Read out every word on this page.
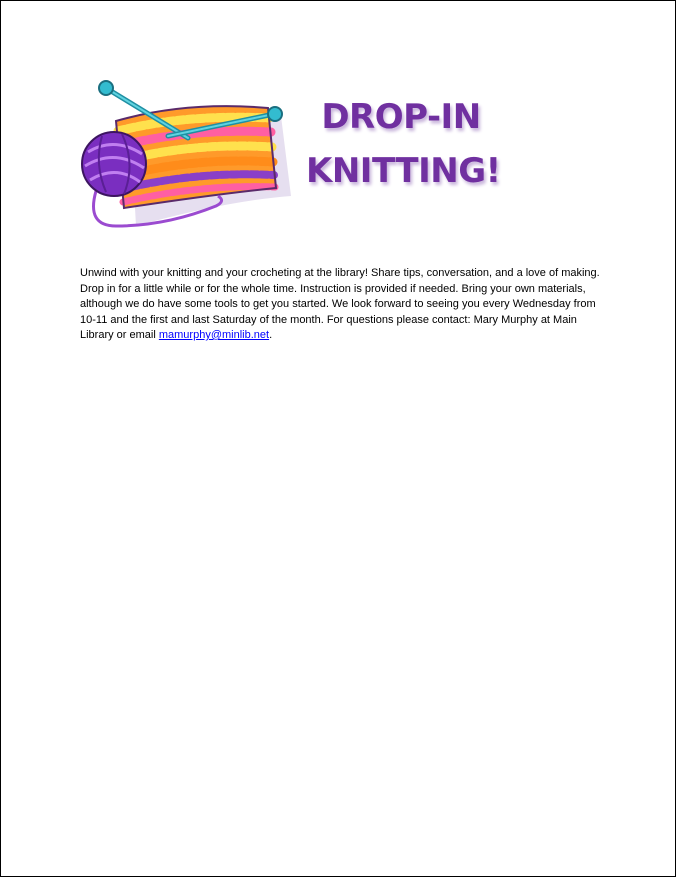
DROP-IN
KNITTING!

Unwind with your knitting and your crocheting at the library! Share tips, conversation, and a love of making. Drop in for a little while or for the whole time. Instruction is provided if needed. Bring your own materials, although we do have some tools to get you started. We look forward to seeing you every Wednesday from 10-11 and the first and last Saturday of the month. For questions please contact: Mary Murphy at Main Library or email mamurphy@minlib.net.
